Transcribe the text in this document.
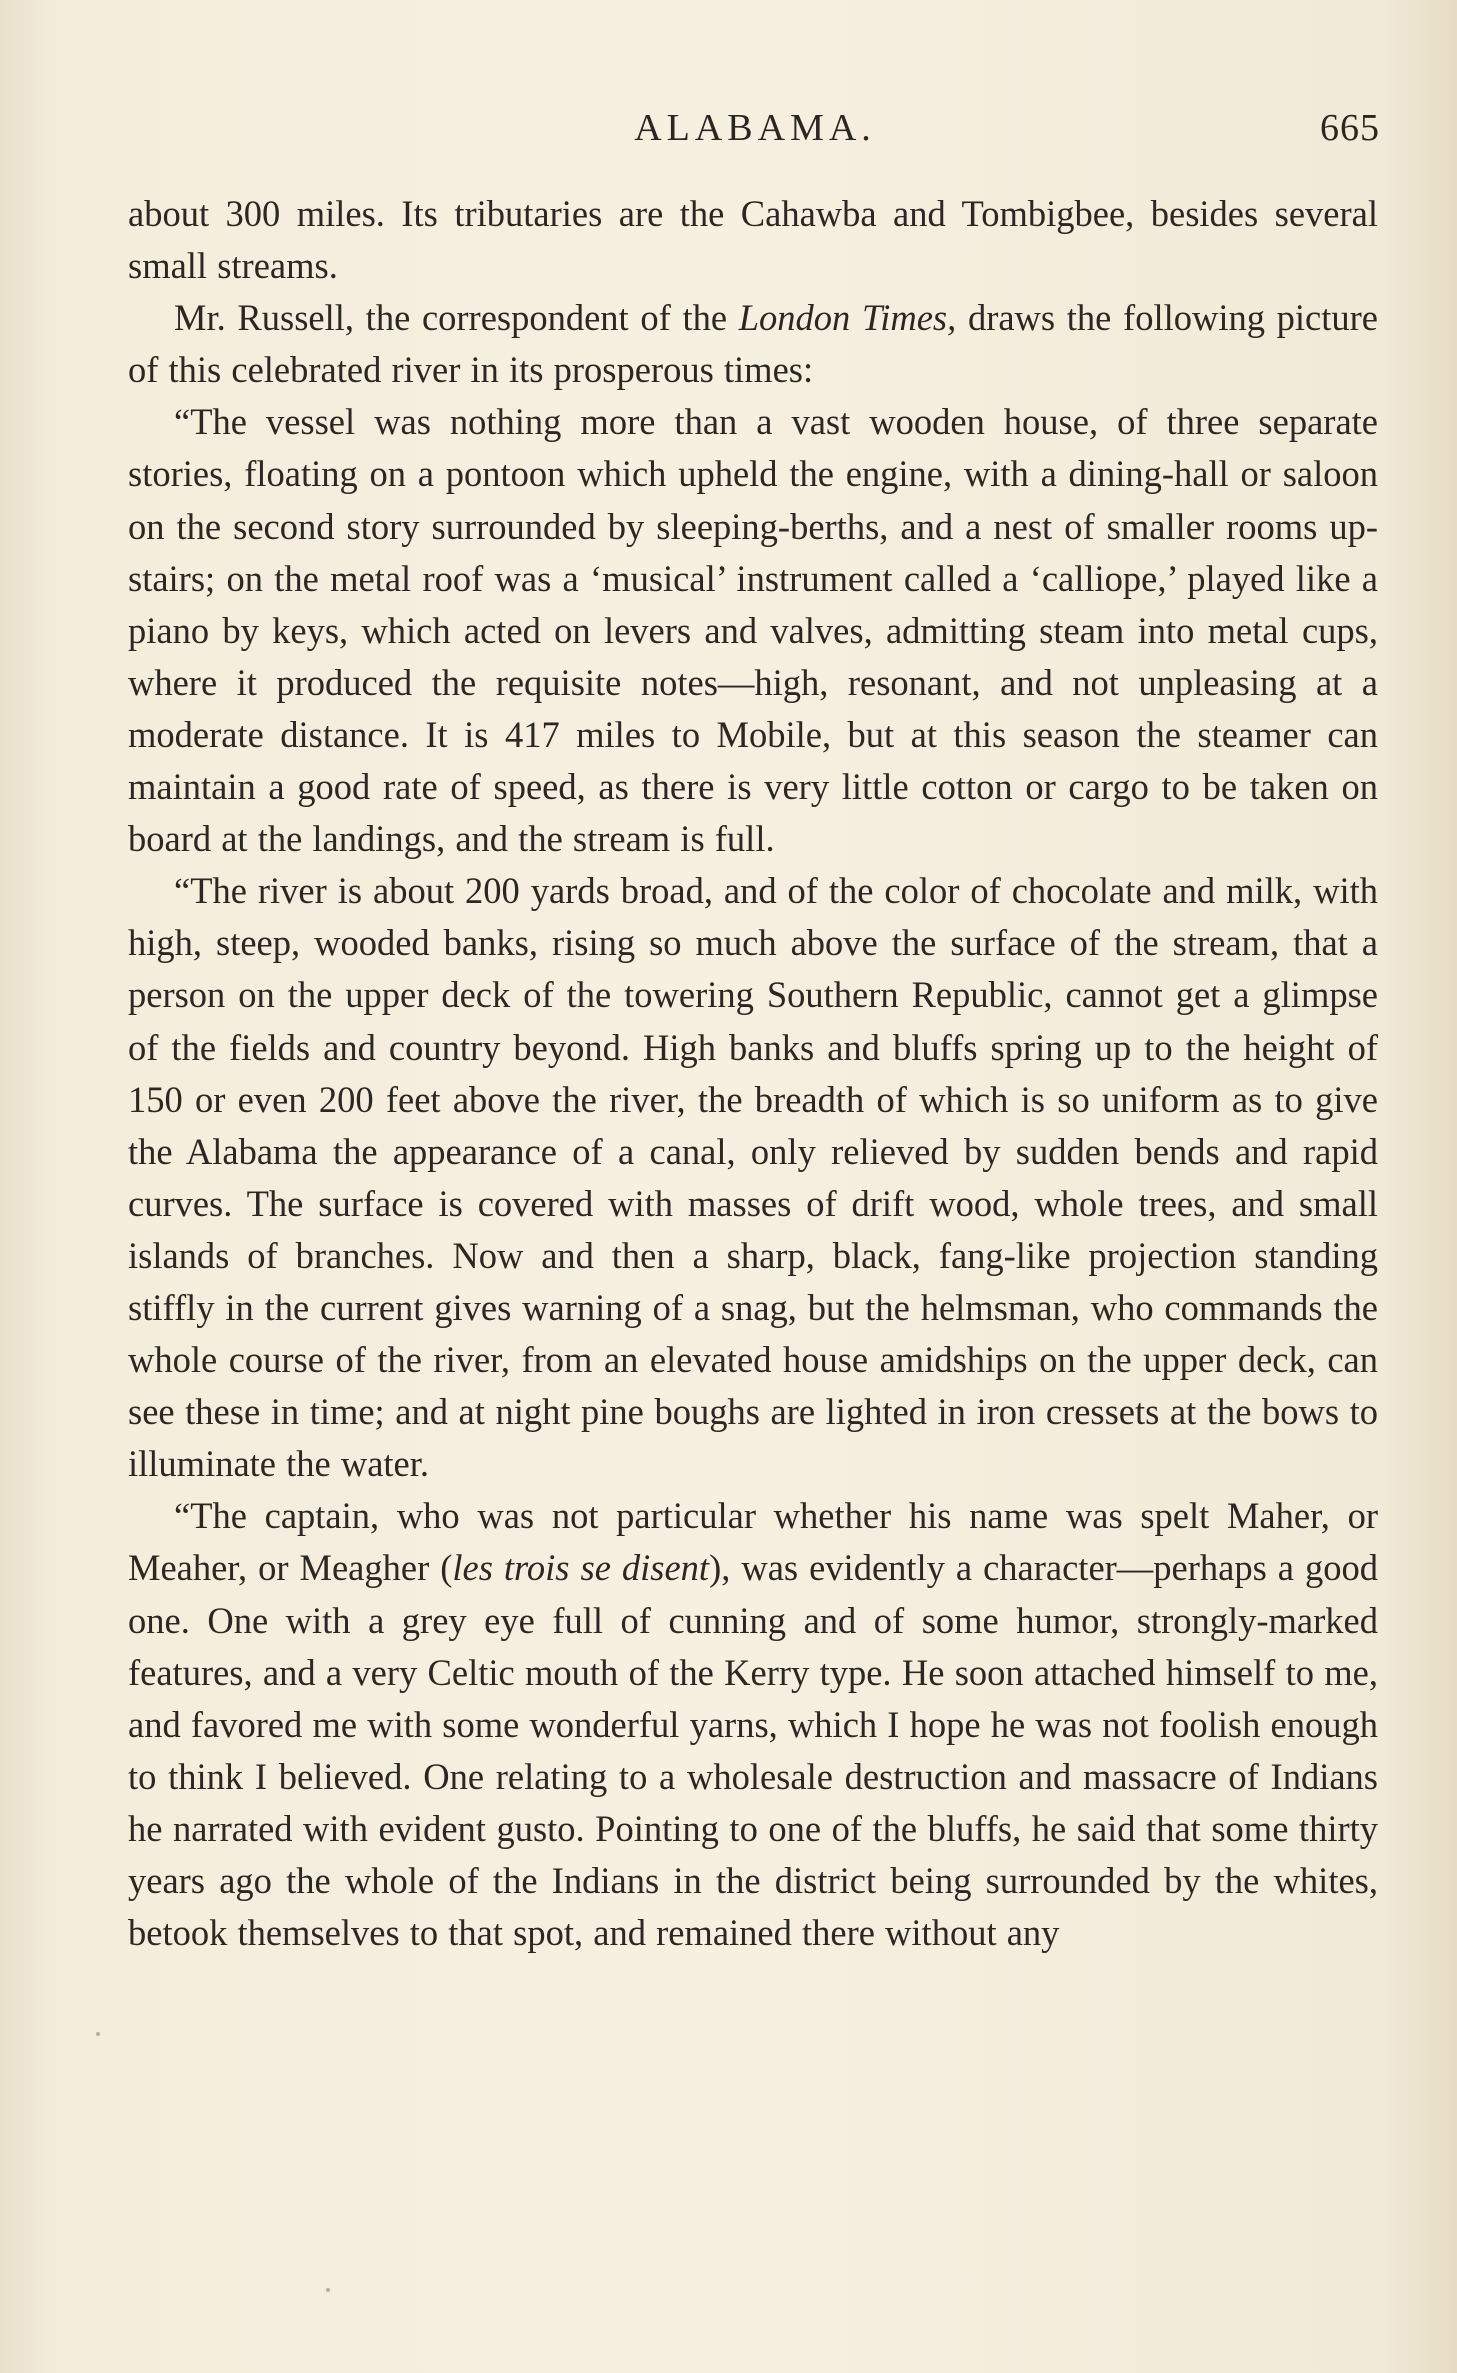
ALABAMA.	665

about 300 miles. Its tributaries are the Cahawba and Tombigbee, besides several small streams.

Mr. Russell, the correspondent of the London Times, draws the following picture of this celebrated river in its prosperous times:

“The vessel was nothing more than a vast wooden house, of three separate stories, floating on a pontoon which upheld the engine, with a dining-hall or saloon on the second story surrounded by sleeping-berths, and a nest of smaller rooms up-stairs; on the metal roof was a ‘musical’ instrument called a ‘calliope,’ played like a piano by keys, which acted on levers and valves, admitting steam into metal cups, where it produced the requisite notes—high, resonant, and not unpleasing at a moderate distance. It is 417 miles to Mobile, but at this season the steamer can maintain a good rate of speed, as there is very little cotton or cargo to be taken on board at the landings, and the stream is full.

“The river is about 200 yards broad, and of the color of chocolate and milk, with high, steep, wooded banks, rising so much above the surface of the stream, that a person on the upper deck of the towering Southern Republic, cannot get a glimpse of the fields and country beyond. High banks and bluffs spring up to the height of 150 or even 200 feet above the river, the breadth of which is so uniform as to give the Alabama the appearance of a canal, only relieved by sudden bends and rapid curves. The surface is covered with masses of drift wood, whole trees, and small islands of branches. Now and then a sharp, black, fang-like projection standing stiffly in the current gives warning of a snag, but the helmsman, who commands the whole course of the river, from an elevated house amidships on the upper deck, can see these in time; and at night pine boughs are lighted in iron cressets at the bows to illuminate the water.

“The captain, who was not particular whether his name was spelt Maher, or Meaher, or Meagher (les trois se disent), was evidently a character—perhaps a good one. One with a grey eye full of cunning and of some humor, strongly-marked features, and a very Celtic mouth of the Kerry type. He soon attached himself to me, and favored me with some wonderful yarns, which I hope he was not foolish enough to think I believed. One relating to a wholesale destruction and massacre of Indians he narrated with evident gusto. Pointing to one of the bluffs, he said that some thirty years ago the whole of the Indians in the district being surrounded by the whites, betook themselves to that spot, and remained there without any
